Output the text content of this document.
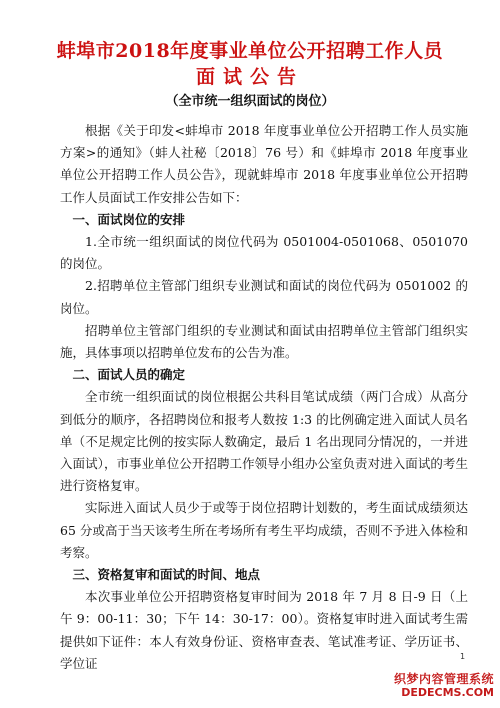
蚌埠市2018年度事业单位公开招聘工作人员
面试公告
（全市统一组织面试的岗位）

根据《关于印发<蚌埠市 2018 年度事业单位公开招聘工作人员实施方案>的通知》（蚌人社秘〔2018〕76 号）和《蚌埠市 2018 年度事业单位公开招聘工作人员公告》，现就蚌埠市 2018 年度事业单位公开招聘工作人员面试工作安排公告如下：

一、面试岗位的安排

1.全市统一组织面试的岗位代码为 0501004-0501068、0501070 的岗位。

2.招聘单位主管部门组织专业测试和面试的岗位代码为 0501002 的岗位。

招聘单位主管部门组织的专业测试和面试由招聘单位主管部门组织实施，具体事项以招聘单位发布的公告为准。

二、面试人员的确定

全市统一组织面试的岗位根据公共科目笔试成绩（两门合成）从高分到低分的顺序，各招聘岗位和报考人数按 1:3 的比例确定进入面试人员名单（不足规定比例的按实际人数确定，最后 1 名出现同分情况的，一并进入面试），市事业单位公开招聘工作领导小组办公室负责对进入面试的考生进行资格复审。

实际进入面试人员少于或等于岗位招聘计划数的，考生面试成绩须达 65 分或高于当天该考生所在考场所有考生平均成绩，否则不予进入体检和考察。

三、资格复审和面试的时间、地点

本次事业单位公开招聘资格复审时间为 2018 年 7 月 8 日-9 日（上午 9：00-11：30；下午 14：30-17：00）。资格复审时进入面试考生需提供如下证件：本人有效身份证、资格审查表、笔试准考证、学历证书、学位证	1
织梦内容管理系统
DEDECMS.COM
